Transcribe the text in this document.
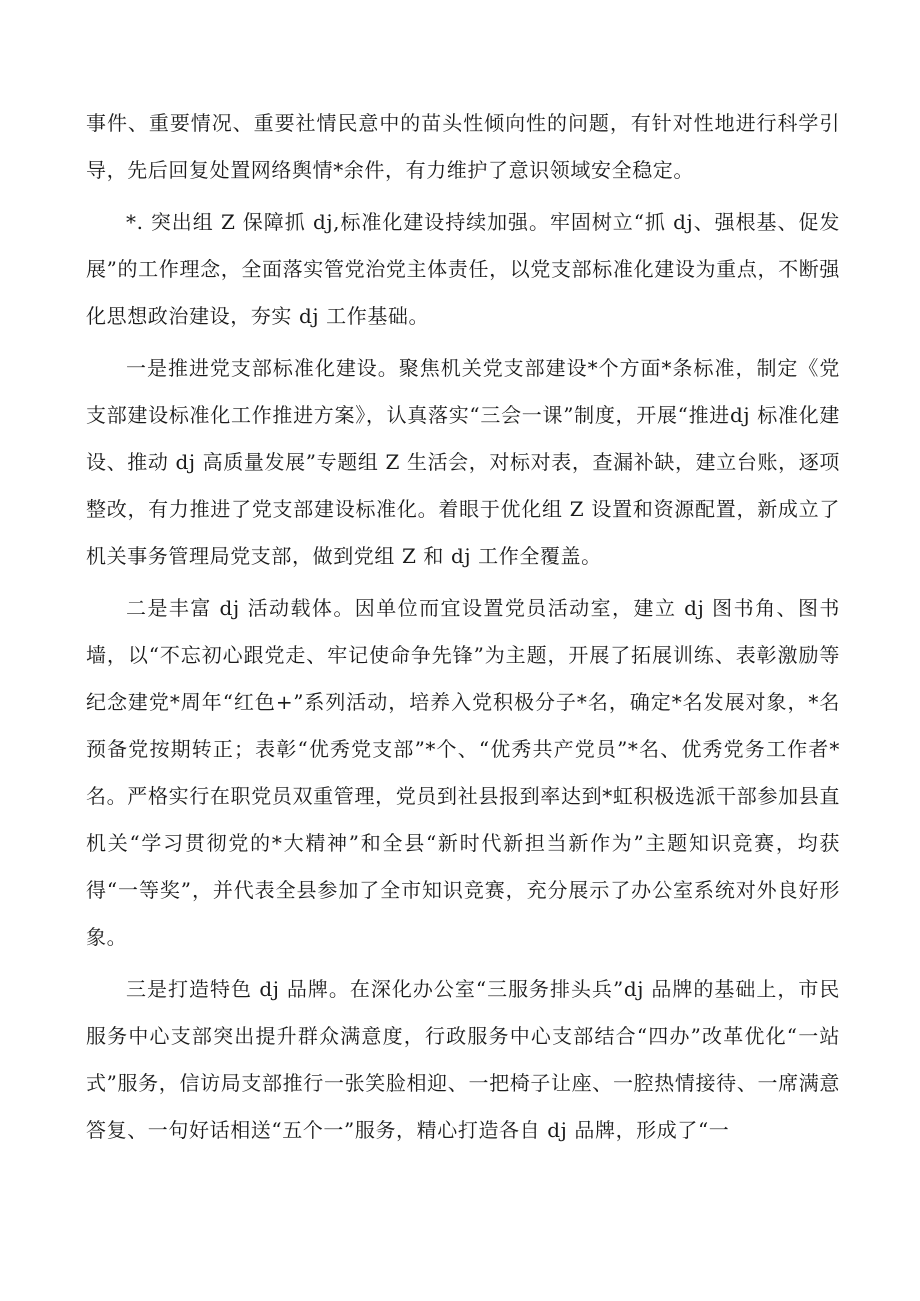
事件、重要情况、重要社情民意中的苗头性倾向性的问题，有针对性地进行科学引导，先后回复处置网络舆情*余件，有力维护了意识领域安全稳定。

*. 突出组 Z 保障抓 dj,标准化建设持续加强。牢固树立“抓 dj、强根基、促发展”的工作理念，全面落实管党治党主体责任，以党支部标准化建设为重点，不断强化思想政治建设，夯实 dj 工作基础。

一是推进党支部标准化建设。聚焦机关党支部建设*个方面*条标准，制定《党支部建设标准化工作推进方案》，认真落实“三会一课”制度，开展“推进dj 标准化建设、推动 dj 高质量发展”专题组 Z 生活会，对标对表，查漏补缺，建立台账，逐项整改，有力推进了党支部建设标准化。着眼于优化组 Z 设置和资源配置，新成立了机关事务管理局党支部，做到党组 Z 和 dj 工作全覆盖。

二是丰富 dj 活动载体。因单位而宜设置党员活动室，建立 dj 图书角、图书墙，以“不忘初心跟党走、牢记使命争先锋”为主题，开展了拓展训练、表彰激励等纪念建党*周年“红色+”系列活动，培养入党积极分子*名，确定*名发展对象，*名预备党按期转正；表彰“优秀党支部”*个、“优秀共产党员”*名、优秀党务工作者*名。严格实行在职党员双重管理，党员到社县报到率达到*虹积极选派干部参加县直机关“学习贯彻党的*大精神”和全县“新时代新担当新作为”主题知识竞赛，均获得“一等奖”，并代表全县参加了全市知识竞赛，充分展示了办公室系统对外良好形象。

三是打造特色 dj 品牌。在深化办公室“三服务排头兵”dj 品牌的基础上，市民服务中心支部突出提升群众满意度，行政服务中心支部结合“四办”改革优化“一站式”服务，信访局支部推行一张笑脸相迎、一把椅子让座、一腔热情接待、一席满意答复、一句好话相送“五个一”服务，精心打造各自 dj 品牌，形成了“一
